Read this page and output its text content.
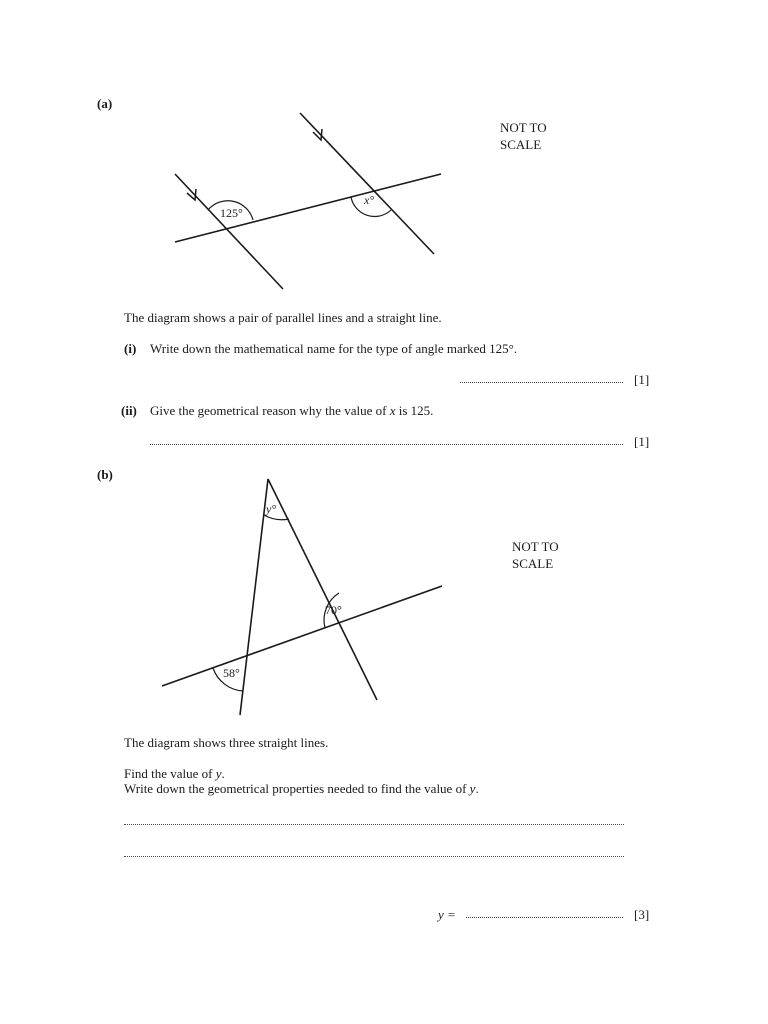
(a)
NOT TO
SCALE
125°
x°
The diagram shows a pair of parallel lines and a straight line.
(i) Write down the mathematical name for the type of angle marked 125°.
[1]
(ii) Give the geometrical reason why the value of x is 125.
[1]
(b)
NOT TO
SCALE
y°
70°
58°
The diagram shows three straight lines.
Find the value of y.
Write down the geometrical properties needed to find the value of y.
y =	[3]
